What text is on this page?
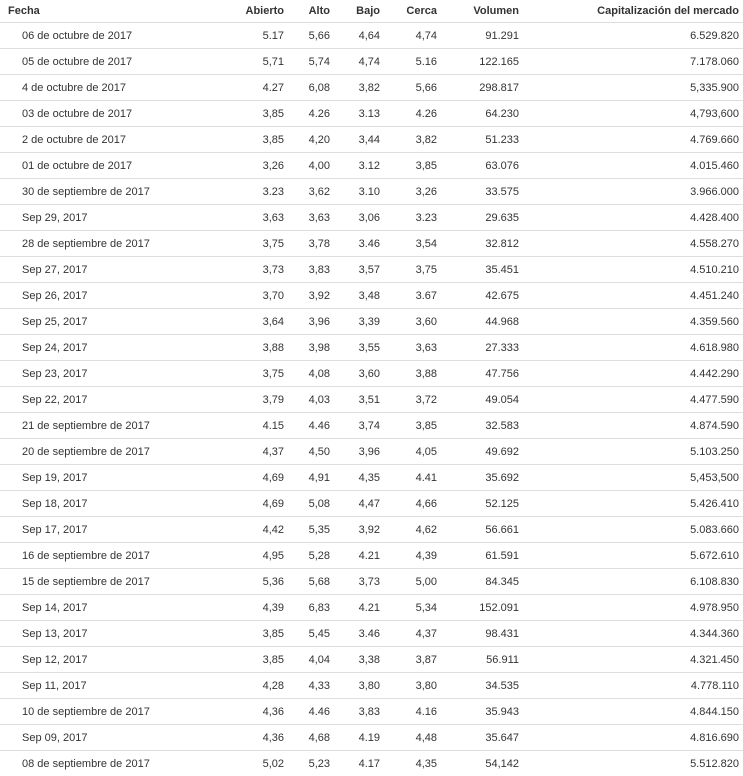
Fecha	Abierto	Alto	Bajo	Cerca	Volumen	Capitalización del mercado
06 de octubre de 2017	5.17	5,66	4,64	4,74	91.291	6.529.820
05 de octubre de 2017	5,71	5,74	4,74	5.16	122.165	7.178.060
4 de octubre de 2017	4.27	6,08	3,82	5,66	298.817	5,335.900
03 de octubre de 2017	3,85	4.26	3.13	4.26	64.230	4,793,600
2 de octubre de 2017	3,85	4,20	3,44	3,82	51.233	4.769.660
01 de octubre de 2017	3,26	4,00	3.12	3,85	63.076	4.015.460
30 de septiembre de 2017	3.23	3,62	3.10	3,26	33.575	3.966.000
Sep 29, 2017	3,63	3,63	3,06	3.23	29.635	4.428.400
28 de septiembre de 2017	3,75	3,78	3.46	3,54	32.812	4.558.270
Sep 27, 2017	3,73	3,83	3,57	3,75	35.451	4.510.210
Sep 26, 2017	3,70	3,92	3,48	3.67	42.675	4.451.240
Sep 25, 2017	3,64	3,96	3,39	3,60	44.968	4.359.560
Sep 24, 2017	3,88	3,98	3,55	3,63	27.333	4.618.980
Sep 23, 2017	3,75	4,08	3,60	3,88	47.756	4.442.290
Sep 22, 2017	3,79	4,03	3,51	3,72	49.054	4.477.590
21 de septiembre de 2017	4.15	4.46	3,74	3,85	32.583	4.874.590
20 de septiembre de 2017	4,37	4,50	3,96	4,05	49.692	5.103.250
Sep 19, 2017	4,69	4,91	4,35	4.41	35.692	5,453,500
Sep 18, 2017	4,69	5,08	4,47	4,66	52.125	5.426.410
Sep 17, 2017	4,42	5,35	3,92	4,62	56.661	5.083.660
16 de septiembre de 2017	4,95	5,28	4.21	4,39	61.591	5.672.610
15 de septiembre de 2017	5,36	5,68	3,73	5,00	84.345	6.108.830
Sep 14, 2017	4,39	6,83	4.21	5,34	152.091	4.978.950
Sep 13, 2017	3,85	5,45	3.46	4,37	98.431	4.344.360
Sep 12, 2017	3,85	4,04	3,38	3,87	56.911	4.321.450
Sep 11, 2017	4,28	4,33	3,80	3,80	34.535	4.778.110
10 de septiembre de 2017	4,36	4.46	3,83	4.16	35.943	4.844.150
Sep 09, 2017	4,36	4,68	4.19	4,48	35.647	4.816.690
08 de septiembre de 2017	5,02	5,23	4.17	4,35	54,142	5.512.820
